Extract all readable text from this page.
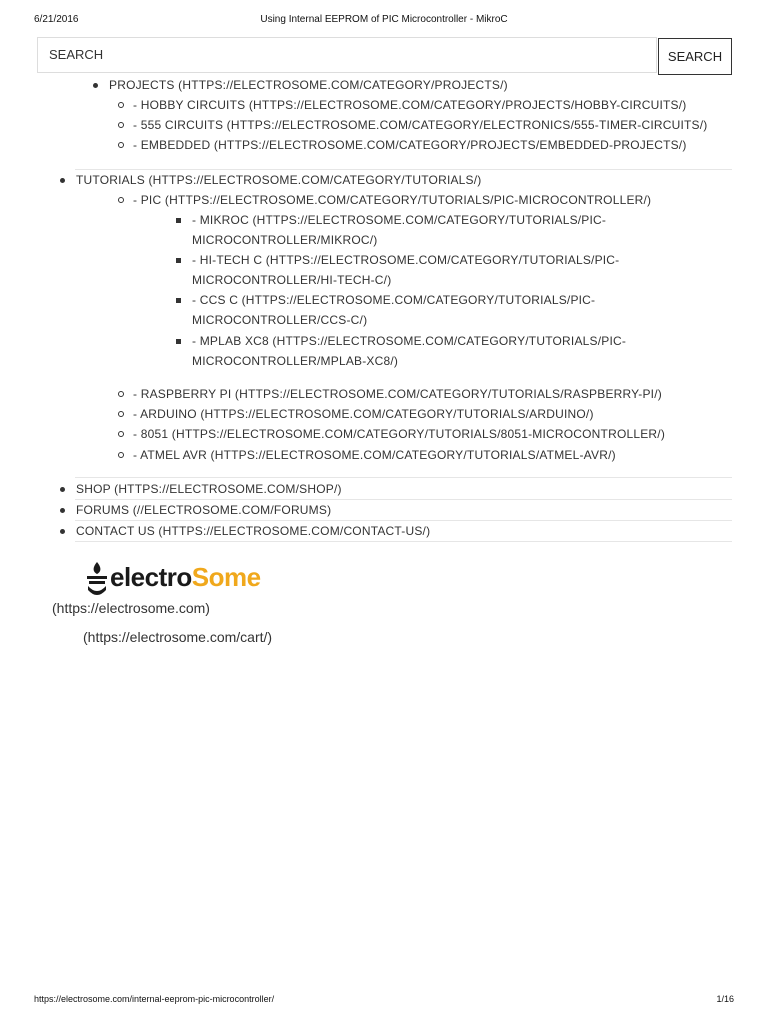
6/21/2016	Using Internal EEPROM of PIC Microcontroller - MikroC
SEARCH	SEARCH
PROJECTS (HTTPS://ELECTROSOME.COM/CATEGORY/PROJECTS/)
- HOBBY CIRCUITS (HTTPS://ELECTROSOME.COM/CATEGORY/PROJECTS/HOBBY-CIRCUITS/)
- 555 CIRCUITS (HTTPS://ELECTROSOME.COM/CATEGORY/ELECTRONICS/555-TIMER-CIRCUITS/)
- EMBEDDED (HTTPS://ELECTROSOME.COM/CATEGORY/PROJECTS/EMBEDDED-PROJECTS/)
TUTORIALS (HTTPS://ELECTROSOME.COM/CATEGORY/TUTORIALS/)
- PIC (HTTPS://ELECTROSOME.COM/CATEGORY/TUTORIALS/PIC-MICROCONTROLLER/)
- MIKROC (HTTPS://ELECTROSOME.COM/CATEGORY/TUTORIALS/PIC-
MICROCONTROLLER/MIKROC/)
- HI-TECH C (HTTPS://ELECTROSOME.COM/CATEGORY/TUTORIALS/PIC-
MICROCONTROLLER/HI-TECH-C/)
- CCS C (HTTPS://ELECTROSOME.COM/CATEGORY/TUTORIALS/PIC-
MICROCONTROLLER/CCS-C/)
- MPLAB XC8 (HTTPS://ELECTROSOME.COM/CATEGORY/TUTORIALS/PIC-
MICROCONTROLLER/MPLAB-XC8/)
- RASPBERRY PI (HTTPS://ELECTROSOME.COM/CATEGORY/TUTORIALS/RASPBERRY-PI/)
- ARDUINO (HTTPS://ELECTROSOME.COM/CATEGORY/TUTORIALS/ARDUINO/)
- 8051 (HTTPS://ELECTROSOME.COM/CATEGORY/TUTORIALS/8051-MICROCONTROLLER/)
- ATMEL AVR (HTTPS://ELECTROSOME.COM/CATEGORY/TUTORIALS/ATMEL-AVR/)
SHOP (HTTPS://ELECTROSOME.COM/SHOP/)
FORUMS (//ELECTROSOME.COM/FORUMS)
CONTACT US (HTTPS://ELECTROSOME.COM/CONTACT-US/)
electroSome
(https://electrosome.com)
(https://electrosome.com/cart/)
https://electrosome.com/internal-eeprom-pic-microcontroller/	1/16
